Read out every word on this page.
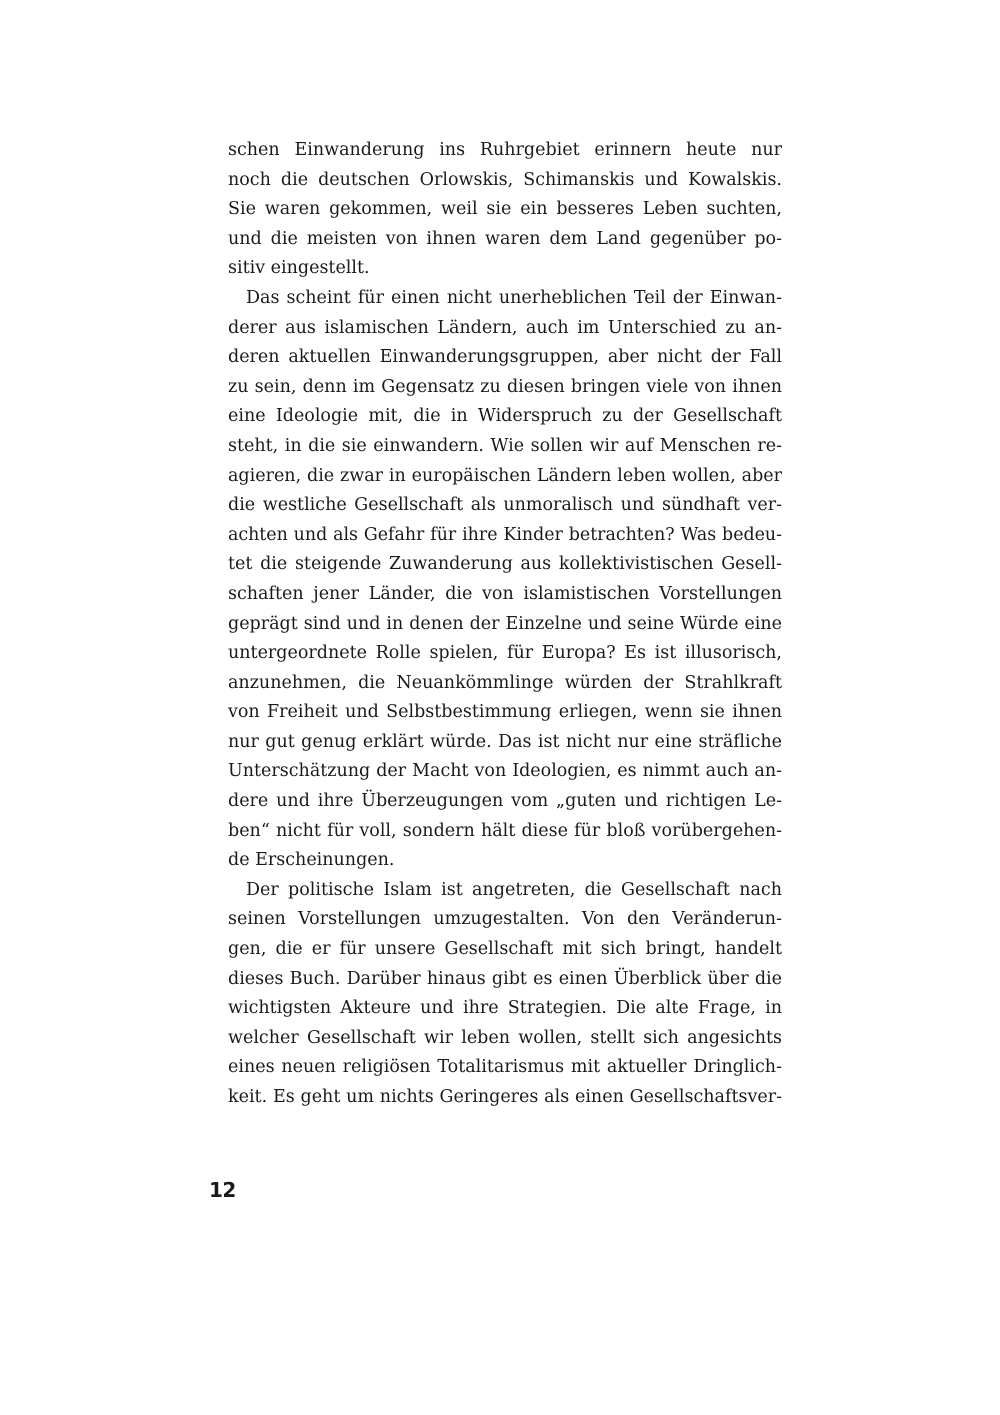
schen Einwanderung ins Ruhrgebiet erinnern heute nur
noch die deutschen Orlowskis, Schimanskis und Kowalskis.
Sie waren gekommen, weil sie ein besseres Leben suchten,
und die meisten von ihnen waren dem Land gegenüber po-
sitiv eingestellt.
Das scheint für einen nicht unerheblichen Teil der Einwan-
derer aus islamischen Ländern, auch im Unterschied zu an-
deren aktuellen Einwanderungsgruppen, aber nicht der Fall
zu sein, denn im Gegensatz zu diesen bringen viele von ihnen
eine Ideologie mit, die in Widerspruch zu der Gesellschaft
steht, in die sie einwandern. Wie sollen wir auf Menschen re-
agieren, die zwar in europäischen Ländern leben wollen, aber
die westliche Gesellschaft als unmoralisch und sündhaft ver-
achten und als Gefahr für ihre Kinder betrachten? Was bedeu-
tet die steigende Zuwanderung aus kollektivistischen Gesell-
schaften jener Länder, die von islamistischen Vorstellungen
geprägt sind und in denen der Einzelne und seine Würde eine
untergeordnete Rolle spielen, für Europa? Es ist illusorisch,
anzunehmen, die Neuankömmlinge würden der Strahlkraft
von Freiheit und Selbstbestimmung erliegen, wenn sie ihnen
nur gut genug erklärt würde. Das ist nicht nur eine sträfliche
Unterschätzung der Macht von Ideologien, es nimmt auch an-
dere und ihre Überzeugungen vom „guten und richtigen Le-
ben“ nicht für voll, sondern hält diese für bloß vorübergehen-
de Erscheinungen.
Der politische Islam ist angetreten, die Gesellschaft nach
seinen Vorstellungen umzugestalten. Von den Veränderun-
gen, die er für unsere Gesellschaft mit sich bringt, handelt
dieses Buch. Darüber hinaus gibt es einen Überblick über die
wichtigsten Akteure und ihre Strategien. Die alte Frage, in
welcher Gesellschaft wir leben wollen, stellt sich angesichts
eines neuen religiösen Totalitarismus mit aktueller Dringlich-
keit. Es geht um nichts Geringeres als einen Gesellschaftsver-
12
